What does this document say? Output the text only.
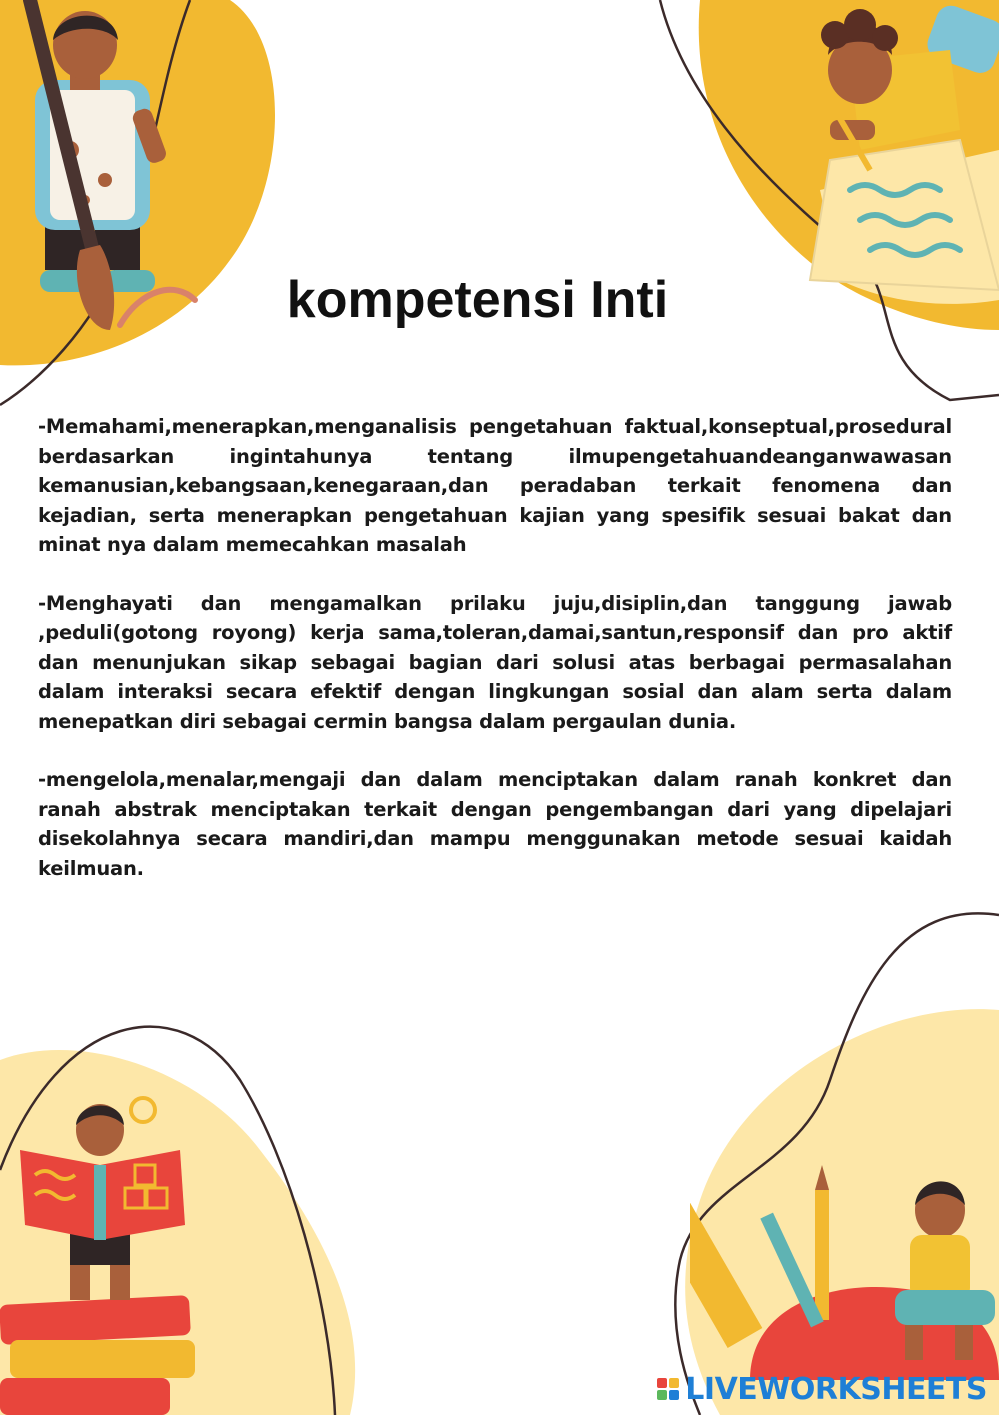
kompetensi Inti

-Memahami,menerapkan,menganalisis pengetahuan faktual,konseptual,prosedural berdasarkan ingintahunya tentang ilmupengetahuandeanganwawasan kemanusian,kebangsaan,kenegaraan,dan peradaban terkait fenomena dan kejadian, serta menerapkan pengetahuan kajian yang spesifik sesuai bakat dan minat nya dalam memecahkan masalah

-Menghayati dan mengamalkan prilaku juju,disiplin,dan tanggung jawab ,peduli(gotong royong) kerja sama,toleran,damai,santun,responsif dan pro aktif dan menunjukan sikap sebagai bagian dari solusi atas berbagai permasalahan dalam interaksi secara efektif dengan lingkungan sosial dan alam serta dalam menepatkan diri sebagai cermin bangsa dalam pergaulan dunia.

-mengelola,menalar,mengaji dan dalam menciptakan dalam ranah konkret dan ranah abstrak menciptakan terkait dengan pengembangan dari yang dipelajari disekolahnya secara mandiri,dan mampu menggunakan metode sesuai kaidah keilmuan.

LIVEWORKSHEETS
